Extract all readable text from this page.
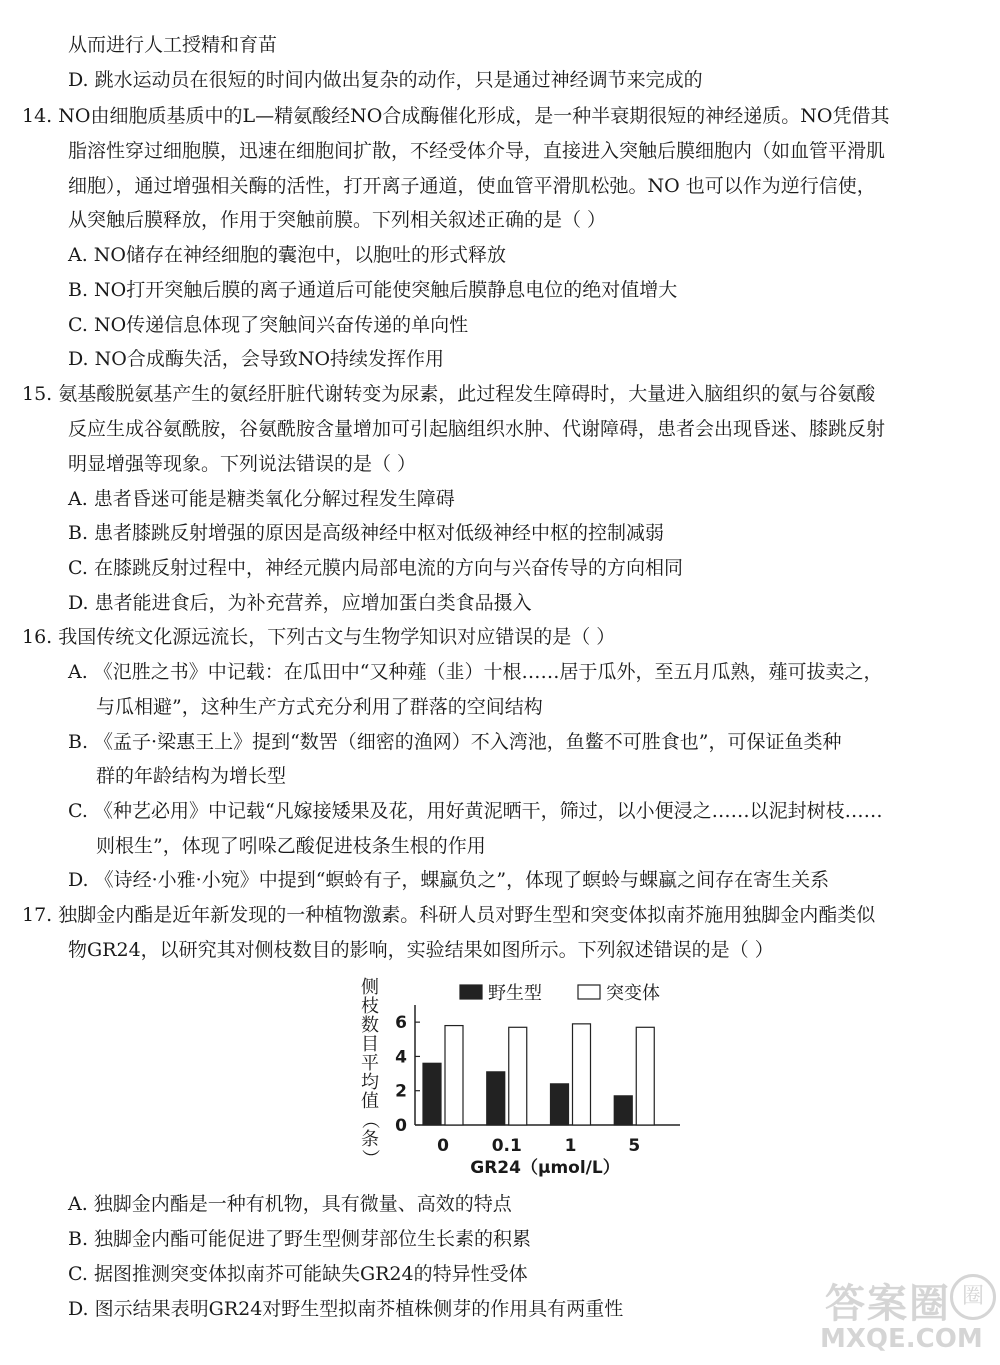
从而进行人工授精和育苗
D. 跳水运动员在很短的时间内做出复杂的动作，只是通过神经调节来完成的
14. NO由细胞质基质中的L—精氨酸经NO合成酶催化形成，是一种半衰期很短的神经递质。NO凭借其
脂溶性穿过细胞膜，迅速在细胞间扩散，不经受体介导，直接进入突触后膜细胞内（如血管平滑肌
细胞），通过增强相关酶的活性，打开离子通道，使血管平滑肌松弛。NO 也可以作为逆行信使，
从突触后膜释放，作用于突触前膜。下列相关叙述正确的是（ ）
A. NO储存在神经细胞的囊泡中，以胞吐的形式释放
B. NO打开突触后膜的离子通道后可能使突触后膜静息电位的绝对值增大
C. NO传递信息体现了突触间兴奋传递的单向性
D. NO合成酶失活，会导致NO持续发挥作用
15. 氨基酸脱氨基产生的氨经肝脏代谢转变为尿素，此过程发生障碍时，大量进入脑组织的氨与谷氨酸
反应生成谷氨酰胺，谷氨酰胺含量增加可引起脑组织水肿、代谢障碍，患者会出现昏迷、膝跳反射
明显增强等现象。下列说法错误的是（ ）
A. 患者昏迷可能是糖类氧化分解过程发生障碍
B. 患者膝跳反射增强的原因是高级神经中枢对低级神经中枢的控制减弱
C. 在膝跳反射过程中，神经元膜内局部电流的方向与兴奋传导的方向相同
D. 患者能进食后，为补充营养，应增加蛋白类食品摄入
16. 我国传统文化源远流长，下列古文与生物学知识对应错误的是（ ）
A. 《氾胜之书》中记载：在瓜田中“又种薤（韭）十根……居于瓜外，至五月瓜熟，薤可拔卖之，
与瓜相避”，这种生产方式充分利用了群落的空间结构
B. 《孟子·梁惠王上》提到“数罟（细密的渔网）不入湾池，鱼鳖不可胜食也”，可保证鱼类种
群的年龄结构为增长型
C. 《种艺必用》中记载“凡嫁接矮果及花，用好黄泥晒干，筛过，以小便浸之……以泥封树枝……
则根生”，体现了吲哚乙酸促进枝条生根的作用
D. 《诗经·小雅·小宛》中提到“螟蛉有子，蜾蠃负之”，体现了螟蛉与蜾蠃之间存在寄生关系
17. 独脚金内酯是近年新发现的一种植物激素。科研人员对野生型和突变体拟南芥施用独脚金内酯类似
物GR24，以研究其对侧枝数目的影响，实验结果如图所示。下列叙述错误的是（ ）
A. 独脚金内酯是一种有机物，具有微量、高效的特点
B. 独脚金内酯可能促进了野生型侧芽部位生长素的积累
C. 据图推测突变体拟南芥可能缺失GR24的特异性受体
D. 图示结果表明GR24对野生型拟南芥植株侧芽的作用具有两重性
侧
枝
数
目
平
均
值
（
条
）
0
2
4
6
0	0.1	1	5
GR24（μmol/L）
野生型	突变体
答案圈 圈
MXQE.COM
